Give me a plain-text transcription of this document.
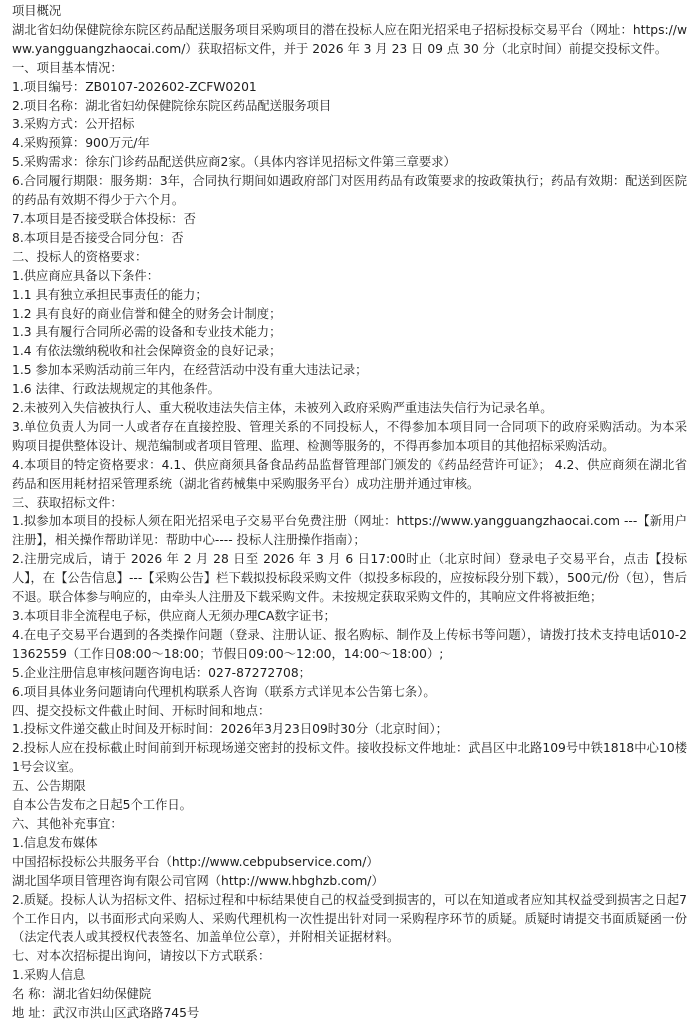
项目概况

湖北省妇幼保健院徐东院区药品配送服务项目采购项目的潜在投标人应在阳光招采电子招标投标交易平台（网址：https://www.yangguangzhaocai.com/）获取招标文件，并于 2026 年 3 月 23 日 09 点 30 分（北京时间）前提交投标文件。

一、项目基本情况：

1.项目编号：ZB0107-202602-ZCFW0201

2.项目名称：湖北省妇幼保健院徐东院区药品配送服务项目

3.采购方式：公开招标

4.采购预算：900万元/年

5.采购需求：徐东门诊药品配送供应商2家。（具体内容详见招标文件第三章要求）

6.合同履行期限：服务期：3年，合同执行期间如遇政府部门对医用药品有政策要求的按政策执行；药品有效期：配送到医院的药品有效期不得少于六个月。

7.本项目是否接受联合体投标：否

8.本项目是否接受合同分包：否

二、投标人的资格要求：

1.供应商应具备以下条件：

1.1 具有独立承担民事责任的能力；

1.2 具有良好的商业信誉和健全的财务会计制度；

1.3 具有履行合同所必需的设备和专业技术能力；

1.4 有依法缴纳税收和社会保障资金的良好记录；

1.5 参加本采购活动前三年内，在经营活动中没有重大违法记录；

1.6 法律、行政法规规定的其他条件。

2.未被列入失信被执行人、重大税收违法失信主体，未被列入政府采购严重违法失信行为记录名单。

3.单位负责人为同一人或者存在直接控股、管理关系的不同投标人，不得参加本项目同一合同项下的政府采购活动。为本采购项目提供整体设计、规范编制或者项目管理、监理、检测等服务的，不得再参加本项目的其他招标采购活动。

4.本项目的特定资格要求：4.1、供应商须具备食品药品监督管理部门颁发的《药品经营许可证》； 4.2、供应商须在湖北省药品和医用耗材招采管理系统（湖北省药械集中采购服务平台）成功注册并通过审核。

三、获取招标文件：

1.拟参加本项目的投标人须在阳光招采电子交易平台免费注册（网址：https://www.yangguangzhaocai.com ---【新用户注册】，相关操作帮助详见：帮助中心---- 投标人注册操作指南）；

2.注册完成后，请于 2026 年 2 月 28 日至 2026 年 3 月 6 日17:00时止（北京时间）登录电子交易平台，点击【投标人】，在【公告信息】---【采购公告】栏下载拟投标段采购文件（拟投多标段的，应按标段分别下载），500元/份（包），售后不退。联合体参与响应的，由牵头人注册及下载采购文件。未按规定获取采购文件的，其响应文件将被拒绝；

3.本项目非全流程电子标，供应商人无须办理CA数字证书；

4.在电子交易平台遇到的各类操作问题（登录、注册认证、报名购标、制作及上传标书等问题），请拨打技术支持电话010-21362559（工作日08:00～18:00；节假日09:00～12:00，14:00～18:00）;

5.企业注册信息审核问题咨询电话：027-87272708；

6.项目具体业务问题请向代理机构联系人咨询（联系方式详见本公告第七条）。

四、提交投标文件截止时间、开标时间和地点：

1.投标文件递交截止时间及开标时间：2026年3月23日09时30分（北京时间）；

2.投标人应在投标截止时间前到开标现场递交密封的投标文件。接收投标文件地址：武昌区中北路109号中铁1818中心10楼 1号会议室。

五、公告期限

自本公告发布之日起5个工作日。

六、其他补充事宜：

1.信息发布媒体

中国招标投标公共服务平台（http://www.cebpubservice.com/）

湖北国华项目管理咨询有限公司官网（http://www.hbghzb.com/）

2.质疑。投标人认为招标文件、招标过程和中标结果使自己的权益受到损害的，可以在知道或者应知其权益受到损害之日起7个工作日内，以书面形式向采购人、采购代理机构一次性提出针对同一采购程序环节的质疑。质疑时请提交书面质疑函一份（法定代表人或其授权代表签名、加盖单位公章），并附相关证据材料。

七、对本次招标提出询问，请按以下方式联系：

1.采购人信息

名 称：湖北省妇幼保健院

地 址：武汉市洪山区武珞路745号
